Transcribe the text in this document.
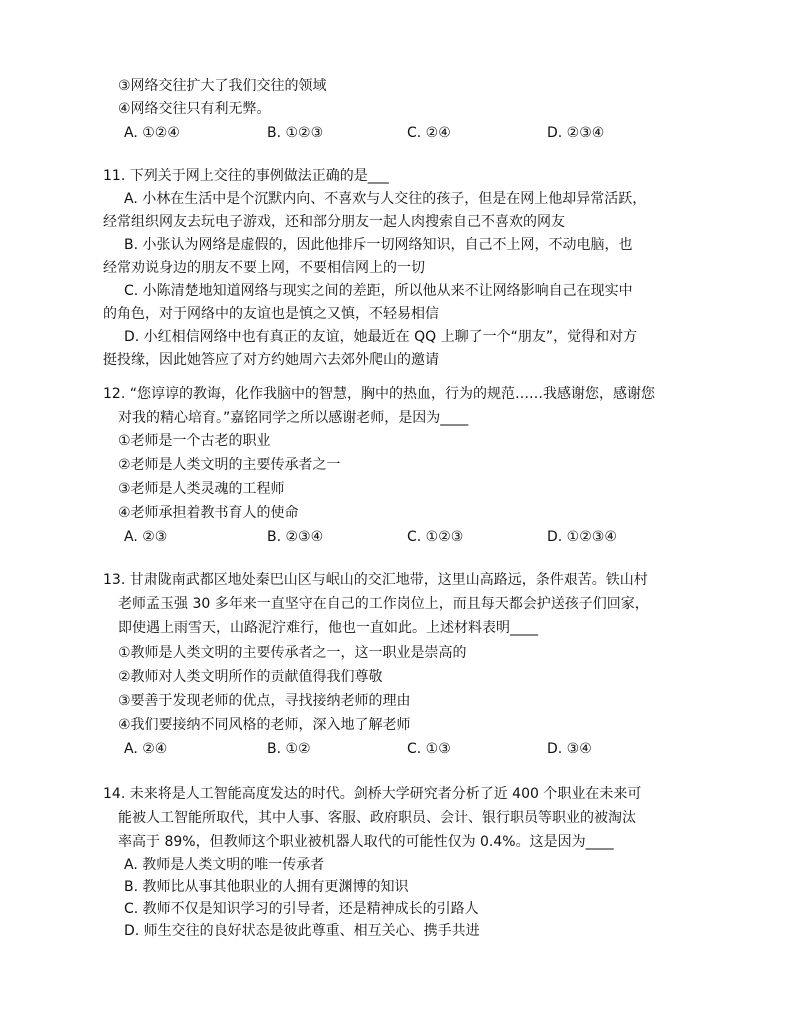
③网络交往扩大了我们交往的领域
④网络交往只有利无弊。
A. ①②④	B. ①②③	C. ②④	D. ②③④
11. 下列关于网上交往的事例做法正确的是___
A. 小林在生活中是个沉默内向、不喜欢与人交往的孩子，但是在网上他却异常活跃，
经常组织网友去玩电子游戏，还和部分朋友一起人肉搜索自己不喜欢的网友
B. 小张认为网络是虚假的，因此他排斥一切网络知识，自己不上网，不动电脑，也
经常劝说身边的朋友不要上网，不要相信网上的一切
C. 小陈清楚地知道网络与现实之间的差距，所以他从来不让网络影响自己在现实中
的角色，对于网络中的友谊也是慎之又慎，不轻易相信
D. 小红相信网络中也有真正的友谊，她最近在 QQ 上聊了一个“朋友”，觉得和对方
挺投缘，因此她答应了对方约她周六去郊外爬山的邀请
12. “您谆谆的教诲，化作我脑中的智慧，胸中的热血，行为的规范……我感谢您，感谢您
对我的精心培育。”嘉铭同学之所以感谢老师，是因为____
①老师是一个古老的职业
②老师是人类文明的主要传承者之一
③老师是人类灵魂的工程师
④老师承担着教书育人的使命
A. ②③	B. ②③④	C. ①②③	D. ①②③④
13. 甘肃陇南武都区地处秦巴山区与岷山的交汇地带，这里山高路远，条件艰苦。铁山村
老师孟玉强 30 多年来一直坚守在自己的工作岗位上，而且每天都会护送孩子们回家，
即使遇上雨雪天，山路泥泞难行，他也一直如此。上述材料表明____
①教师是人类文明的主要传承者之一，这一职业是崇高的
②教师对人类文明所作的贡献值得我们尊敬
③要善于发现老师的优点，寻找接纳老师的理由
④我们要接纳不同风格的老师，深入地了解老师
A. ②④	B. ①②	C. ①③	D. ③④
14. 未来将是人工智能高度发达的时代。剑桥大学研究者分析了近 400 个职业在未来可
能被人工智能所取代，其中人事、客服、政府职员、会计、银行职员等职业的被淘汰
率高于 89%，但教师这个职业被机器人取代的可能性仅为 0.4%。这是因为____
A. 教师是人类文明的唯一传承者
B. 教师比从事其他职业的人拥有更渊博的知识
C. 教师不仅是知识学习的引导者，还是精神成长的引路人
D. 师生交往的良好状态是彼此尊重、相互关心、携手共进
